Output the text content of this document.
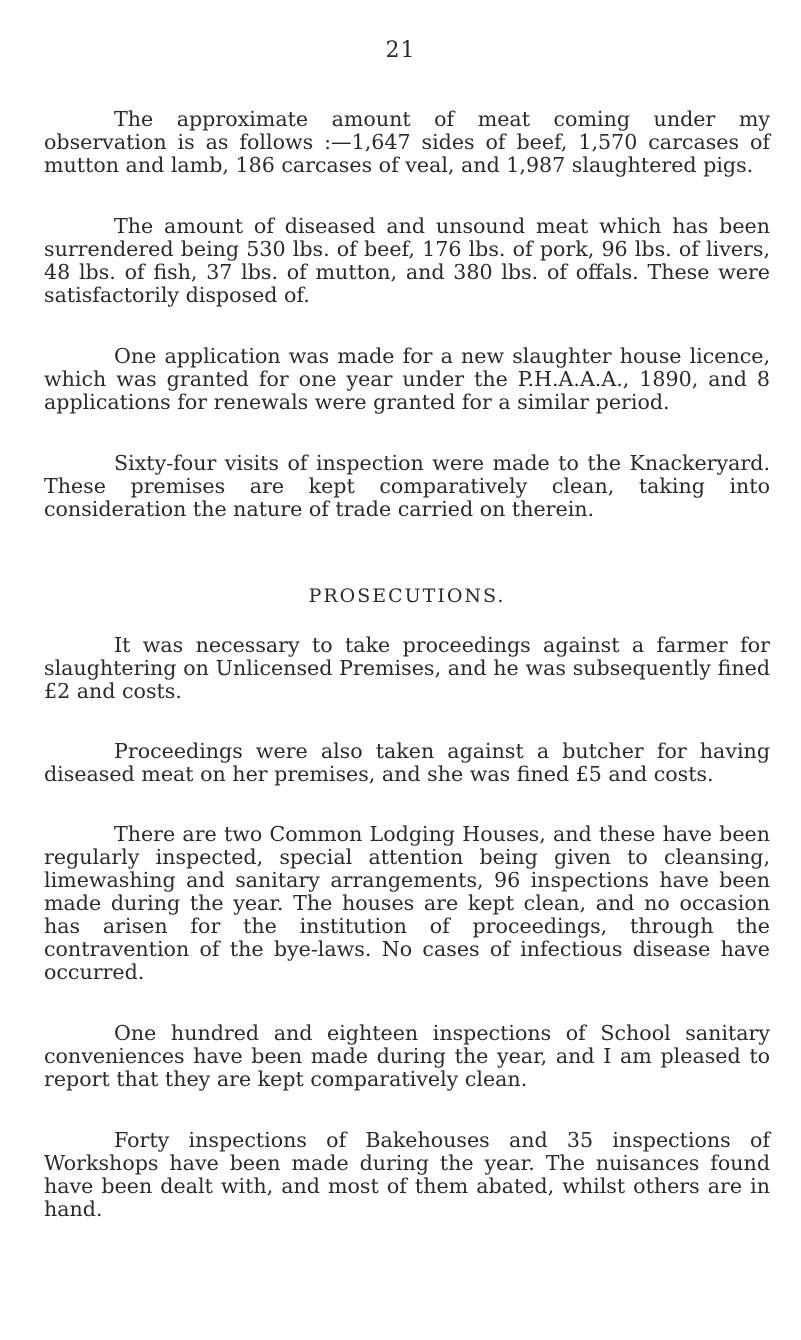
21

The approximate amount of meat coming under my observation is as follows :—1,647 sides of beef, 1,570 carcases of mutton and lamb, 186 carcases of veal, and 1,987 slaughtered pigs.

The amount of diseased and unsound meat which has been surrendered being 530 lbs. of beef, 176 lbs. of pork, 96 lbs. of livers, 48 lbs. of fish, 37 lbs. of mutton, and 380 lbs. of offals. These were satisfactorily disposed of.

One application was made for a new slaughter house licence, which was granted for one year under the P.H.A.A.A., 1890, and 8 applications for renewals were granted for a similar period.

Sixty-four visits of inspection were made to the Knackeryard. These premises are kept comparatively clean, taking into consideration the nature of trade carried on therein.

PROSECUTIONS.

It was necessary to take proceedings against a farmer for slaughtering on Unlicensed Premises, and he was subsequently fined £2 and costs.

Proceedings were also taken against a butcher for having diseased meat on her premises, and she was fined £5 and costs.

There are two Common Lodging Houses, and these have been regularly inspected, special attention being given to cleansing, limewashing and sanitary arrangements, 96 inspections have been made during the year. The houses are kept clean, and no occasion has arisen for the institution of proceedings, through the contravention of the bye-laws. No cases of infectious disease have occurred.

One hundred and eighteen inspections of School sanitary conveniences have been made during the year, and I am pleased to report that they are kept comparatively clean.

Forty inspections of Bakehouses and 35 inspections of Workshops have been made during the year. The nuisances found have been dealt with, and most of them abated, whilst others are in hand.
